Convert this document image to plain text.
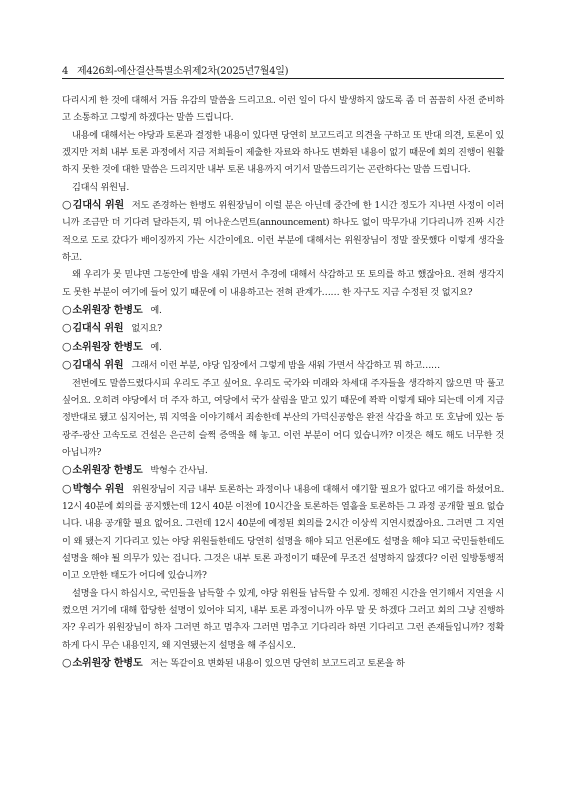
4 제426회-예산결산특별소위제2차(2025년7월4일)

다리시게 한 것에 대해서 거듭 유감의 말씀을 드리고요. 이런 일이 다시 발생하지 않도록 좀 더 꼼꼼히 사전 준비하고 소통하고 그렇게 하겠다는 말씀 드립니다.

내용에 대해서는 야당과 토론과 결정한 내용이 있다면 당연히 보고드리고 의견을 구하고 또 반대 의견, 토론이 있겠지만 저희 내부 토론 과정에서 지금 저희들이 제출한 자료와 하나도 변화된 내용이 없기 때문에 회의 진행이 원활하지 못한 것에 대한 말씀은 드리지만 내부 토론 내용까지 여기서 말씀드리기는 곤란하다는 말씀 드립니다.

김대식 위원님.

○김대식 위원 저도 존경하는 한병도 위원장님이 이럴 분은 아닌데 중간에 한 1시간 정도가 지나면 사정이 이러니까 조금만 더 기다려 달라든지, 뭐 어나운스먼트(announcement) 하나도 없이 막무가내 기다리니까 진짜 시간적으로 도로 갔다가 배이징까지 가는 시간이에요. 이런 부분에 대해서는 위원장님이 정말 잘못했다 이렇게 생각을 하고.

왜 우리가 못 믿냐면 그동안에 밤을 새워 가면서 추경에 대해서 삭감하고 또 토의를 하고 했잖아요. 전혀 생각지도 못한 부분이 여기에 들어 있기 때문에 이 내용하고는 전혀 관계가…… 한 자구도 지금 수정된 것 없지요?

○소위원장 한병도 예.

○김대식 위원 없지요?

○소위원장 한병도 예.

○김대식 위원 그래서 이런 부분, 야당 입장에서 그렇게 밤을 새워 가면서 삭감하고 뭐 하고……

전번에도 말씀드렸다시피 우리도 주고 싶어요. 우리도 국가와 미래와 차세대 주자들을 생각하지 않으면 막 풀고 싶어요. 오히려 야당에서 더 주자 하고, 여당에서 국가 살림을 맡고 있기 때문에 꽉꽉 이렇게 돼야 되는데 이게 지금 정반대로 됐고 심지어는, 뭐 지역을 이야기해서 죄송한데 부산의 가덕신공항은 완전 삭감을 하고 또 호남에 있는 동광주-광산 고속도로 건설은 은근히 슬쩍 증액을 해 놓고. 이런 부분이 어디 있습니까? 이것은 해도 해도 너무한 것 아닙니까?

○소위원장 한병도 박형수 간사님.

○박형수 위원 위원장님이 지금 내부 토론하는 과정이나 내용에 대해서 얘기할 필요가 없다고 얘기를 하셨어요. 12시 40분에 회의를 공지했는데 12시 40분 이전에 10시간을 토론하든 열흘을 토론하든 그 과정 공개할 필요 없습니다. 내용 공개할 필요 없어요. 그런데 12시 40분에 예정된 회의를 2시간 이상씩 지연시켰잖아요. 그러면 그 지연이 왜 됐는지 기다리고 있는 야당 위원들한테도 당연히 설명을 해야 되고 언론에도 설명을 해야 되고 국민들한테도 설명을 해야 될 의무가 있는 겁니다. 그것은 내부 토론 과정이기 때문에 무조건 설명하지 않겠다? 이런 일방통행적이고 오만한 태도가 어디에 있습니까?

설명을 다시 하십시오, 국민들을 납득할 수 있게, 야당 위원들 납득할 수 있게. 정해진 시간을 연기해서 지연을 시켰으면 거기에 대해 합당한 설명이 있어야 되지, 내부 토론 과정이니까 아무 말 못 하겠다 그러고 회의 그냥 진행하자? 우리가 위원장님이 하자 그러면 하고 멈추자 그러면 멈추고 기다리라 하면 기다리고 그런 존재들입니까? 정확하게 다시 무슨 내용인지, 왜 지연됐는지 설명을 해 주십시오.

○소위원장 한병도 저는 똑같이요 변화된 내용이 있으면 당연히 보고드리고 토론을 하
